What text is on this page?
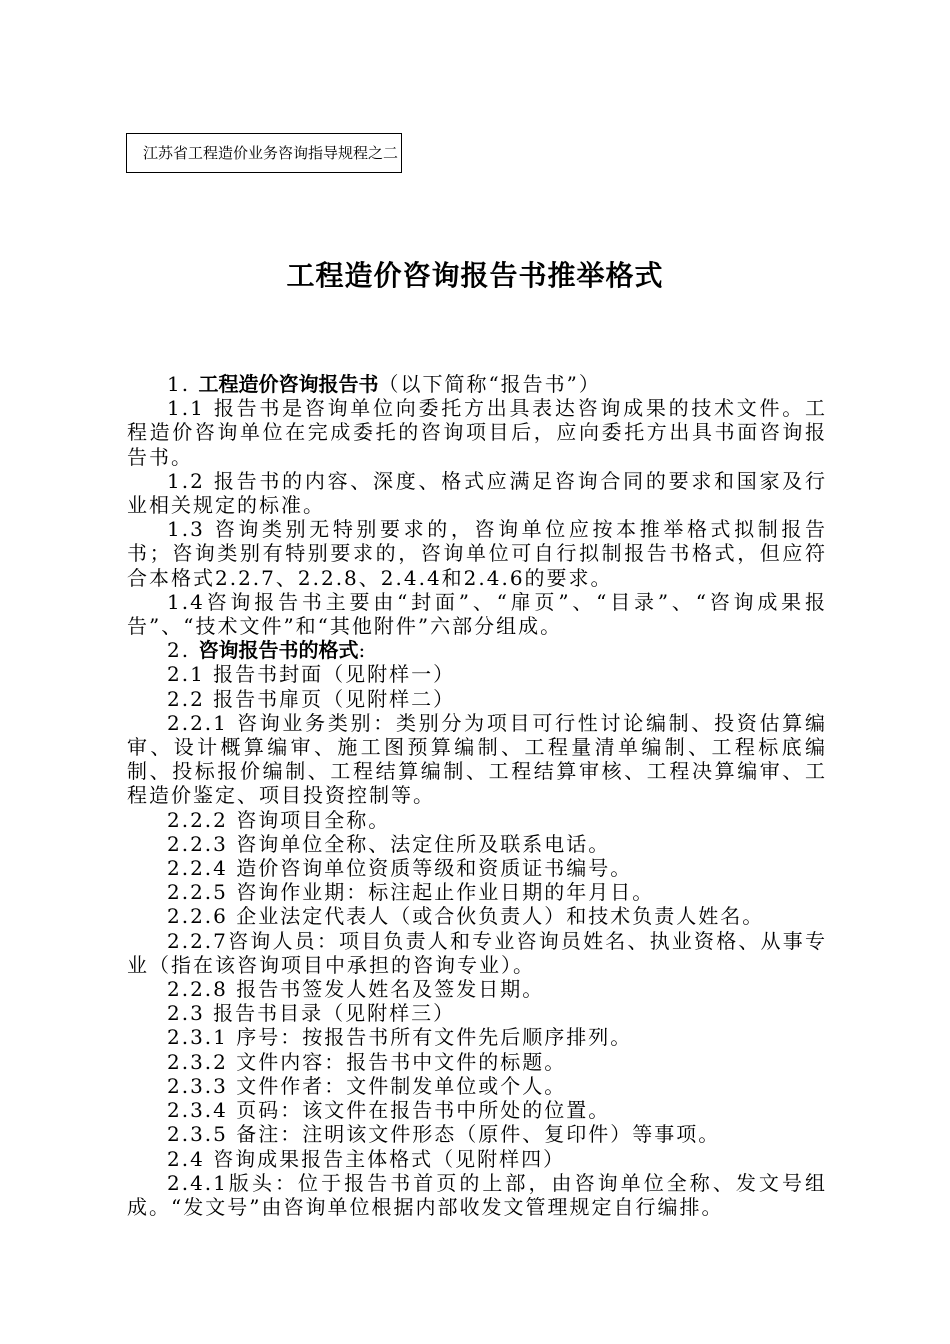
江苏省工程造价业务咨询指导规程之二
工程造价咨询报告书推举格式

1. 工程造价咨询报告书（以下简称“报告书”）

1.1 报告书是咨询单位向委托方出具表达咨询成果的技术文件。工程造价咨询单位在完成委托的咨询项目后，应向委托方出具书面咨询报告书。

1.2 报告书的内容、深度、格式应满足咨询合同的要求和国家及行业相关规定的标准。

1.3 咨询类别无特别要求的，咨询单位应按本推举格式拟制报告书；咨询类别有特别要求的，咨询单位可自行拟制报告书格式，但应符合本格式2.2.7、2.2.8、2.4.4和2.4.6的要求。

1.4咨询报告书主要由“封面”、“扉页”、“目录”、“咨询成果报告”、“技术文件”和“其他附件”六部分组成。

2. 咨询报告书的格式:

2.1 报告书封面（见附样一）

2.2 报告书扉页（见附样二）

2.2.1 咨询业务类别：类别分为项目可行性讨论编制、投资估算编审、设计概算编审、施工图预算编制、工程量清单编制、工程标底编制、投标报价编制、工程结算编制、工程结算审核、工程决算编审、工程造价鉴定、项目投资控制等。

2.2.2 咨询项目全称。

2.2.3 咨询单位全称、法定住所及联系电话。

2.2.4 造价咨询单位资质等级和资质证书编号。

2.2.5 咨询作业期：标注起止作业日期的年月日。

2.2.6 企业法定代表人（或合伙负责人）和技术负责人姓名。

2.2.7咨询人员：项目负责人和专业咨询员姓名、执业资格、从事专业（指在该咨询项目中承担的咨询专业）。

2.2.8 报告书签发人姓名及签发日期。

2.3 报告书目录（见附样三）

2.3.1 序号：按报告书所有文件先后顺序排列。

2.3.2 文件内容：报告书中文件的标题。

2.3.3 文件作者：文件制发单位或个人。

2.3.4 页码：该文件在报告书中所处的位置。

2.3.5 备注：注明该文件形态（原件、复印件）等事项。

2.4 咨询成果报告主体格式（见附样四）

2.4.1版头：位于报告书首页的上部，由咨询单位全称、发文号组成。“发文号”由咨询单位根据内部收发文管理规定自行编排。
